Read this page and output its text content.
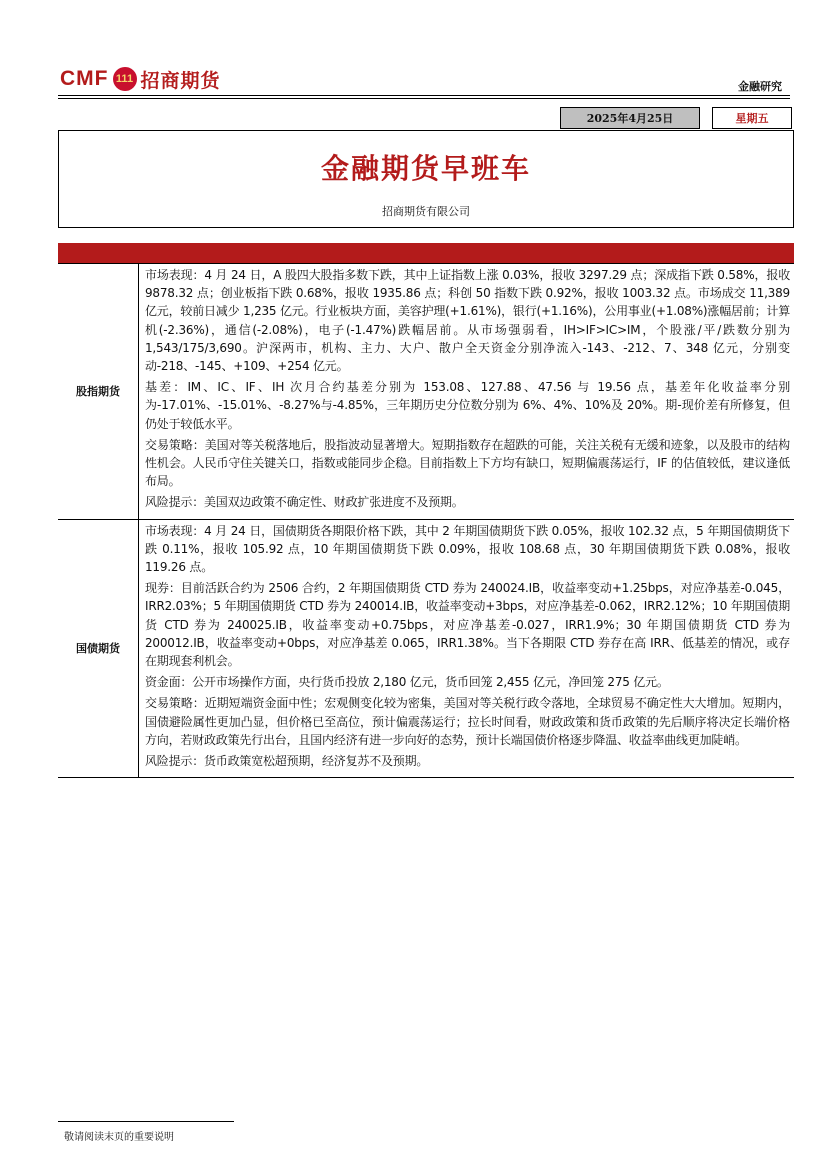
CMF 111 招商期货	金融研究
2025年4月25日	星期五
金融期货早班车
招商期货有限公司
股指期货

市场表现：4 月 24 日，A 股四大股指多数下跌，其中上证指数上涨 0.03%，报收 3297.29 点；深成指下跌 0.58%，报收 9878.32 点；创业板指下跌 0.68%，报收 1935.86 点；科创 50 指数下跌 0.92%，报收 1003.32 点。市场成交 11,389 亿元，较前日减少 1,235 亿元。行业板块方面，美容护理(+1.61%)，银行(+1.16%)，公用事业(+1.08%)涨幅居前；计算机(-2.36%)，通信(-2.08%)，电子(-1.47%)跌幅居前。从市场强弱看，IH>IF>IC>IM，个股涨/平/跌数分别为 1,543/175/3,690。沪深两市，机构、主力、大户、散户全天资金分别净流入-143、-212、7、348 亿元，分别变动-218、-145、+109、+254 亿元。

基差：IM、IC、IF、IH 次月合约基差分别为 153.08、127.88、47.56 与 19.56 点，基差年化收益率分别为-17.01%、-15.01%、-8.27%与-4.85%，三年期历史分位数分别为 6%、4%、10%及 20%。期-现价差有所修复，但仍处于较低水平。

交易策略：美国对等关税落地后，股指波动显著增大。短期指数存在超跌的可能，关注关税有无缓和迹象，以及股市的结构性机会。人民币守住关键关口，指数或能同步企稳。目前指数上下方均有缺口，短期偏震荡运行，IF 的估值较低，建议逢低布局。

风险提示：美国双边政策不确定性、财政扩张进度不及预期。

国债期货

市场表现：4 月 24 日，国债期货各期限价格下跌，其中 2 年期国债期货下跌 0.05%，报收 102.32 点，5 年期国债期货下跌 0.11%，报收 105.92 点，10 年期国债期货下跌 0.09%，报收 108.68 点，30 年期国债期货下跌 0.08%，报收 119.26 点。

现券：目前活跃合约为 2506 合约，2 年期国债期货 CTD 券为 240024.IB，收益率变动+1.25bps，对应净基差-0.045，IRR2.03%；5 年期国债期货 CTD 券为 240014.IB，收益率变动+3bps，对应净基差-0.062，IRR2.12%；10 年期国债期货 CTD 券为 240025.IB，收益率变动+0.75bps，对应净基差-0.027，IRR1.9%；30 年期国债期货 CTD 券为 200012.IB，收益率变动+0bps，对应净基差 0.065，IRR1.38%。当下各期限 CTD 券存在高 IRR、低基差的情况，或存在期现套利机会。

资金面：公开市场操作方面，央行货币投放 2,180 亿元，货币回笼 2,455 亿元，净回笼 275 亿元。

交易策略：近期短端资金面中性；宏观侧变化较为密集，美国对等关税行政令落地，全球贸易不确定性大大增加。短期内，国债避险属性更加凸显，但价格已至高位，预计偏震荡运行；拉长时间看，财政政策和货币政策的先后顺序将决定长端价格方向，若财政政策先行出台，且国内经济有进一步向好的态势，预计长端国债价格逐步降温、收益率曲线更加陡峭。

风险提示：货币政策宽松超预期，经济复苏不及预期。

敬请阅读末页的重要说明
